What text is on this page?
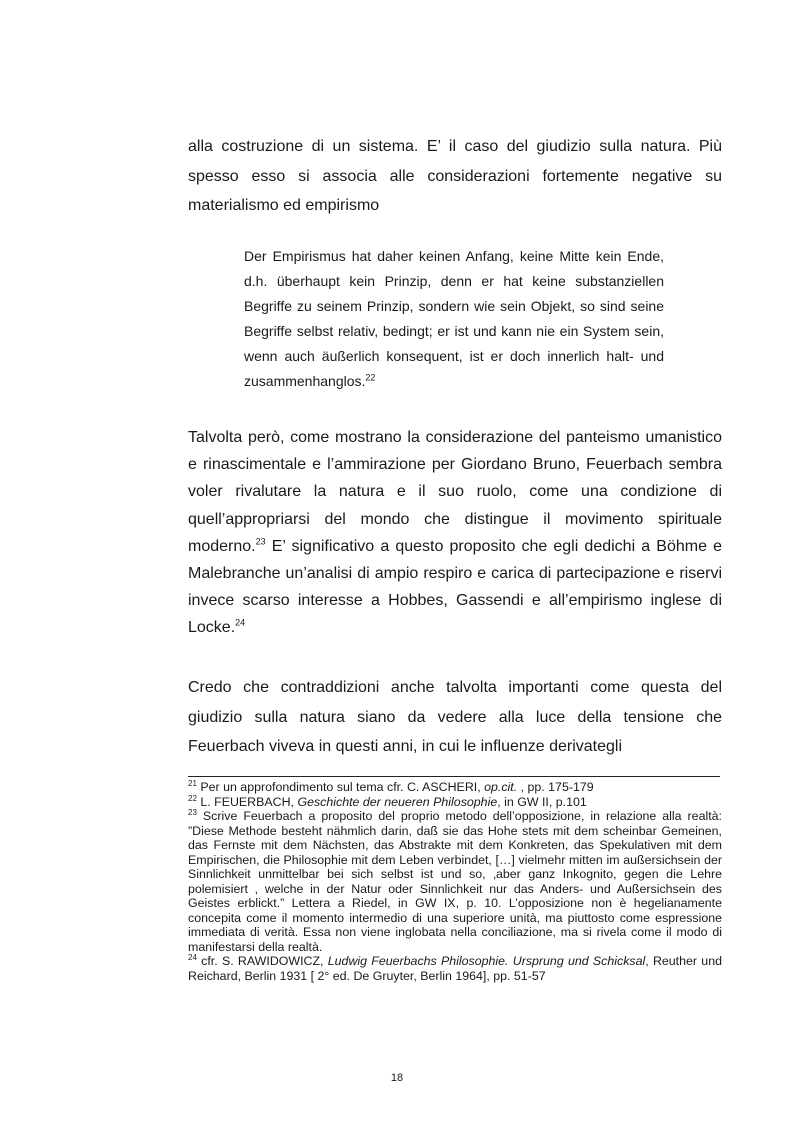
alla costruzione di un sistema. E’ il caso del giudizio sulla natura. Più spesso esso si associa alle considerazioni fortemente negative su materialismo ed empirismo

Der Empirismus hat daher keinen Anfang, keine Mitte kein Ende, d.h. überhaupt kein Prinzip, denn er hat keine substanziellen Begriffe zu seinem Prinzip, sondern wie sein Objekt, so sind seine Begriffe selbst relativ, bedingt; er ist und kann nie ein System sein, wenn auch äußerlich konsequent, ist er doch innerlich halt- und zusammenhanglos.$^{22}$

Talvolta però, come mostrano la considerazione del panteismo umanistico e rinascimentale e l’ammirazione per Giordano Bruno, Feuerbach sembra voler rivalutare la natura e il suo ruolo, come una condizione di quell’appropriarsi del mondo che distingue il movimento spirituale moderno.$^{23}$ E’ significativo a questo proposito che egli dedichi a Böhme e Malebranche un’analisi di ampio respiro e carica di partecipazione e riservi invece scarso interesse a Hobbes, Gassendi e all’empirismo inglese di Locke.$^{24}$

Credo che contraddizioni anche talvolta importanti come questa del giudizio sulla natura siano da vedere alla luce della tensione che Feuerbach viveva in questi anni, in cui le influenze derivategli

$^{21}$ Per un approfondimento sul tema cfr. C. ASCHERI, op.cit. , pp. 175-179

$^{22}$ L. FEUERBACH, Geschichte der neueren Philosophie, in GW II, p.101

$^{23}$ Scrive Feuerbach a proposito del proprio metodo dell’opposizione, in relazione alla realtà: ”Diese Methode besteht nähmlich darin, daß sie das Hohe stets mit dem scheinbar Gemeinen, das Fernste mit dem Nächsten, das Abstrakte mit dem Konkreten, das Spekulativen mit dem Empirischen, die Philosophie mit dem Leben verbindet, […] vielmehr mitten im außersichsein der Sinnlichkeit unmittelbar bei sich selbst ist und so, ‚aber ganz Inkognito, gegen die Lehre polemisiert , welche in der Natur oder Sinnlichkeit nur das Anders- und Außersichsein des Geistes erblickt.” Lettera a Riedel, in GW IX, p. 10. L’opposizione non è hegelianamente concepita come il momento intermedio di una superiore unità, ma piuttosto come espressione immediata di verità. Essa non viene inglobata nella conciliazione, ma si rivela come il modo di manifestarsi della realtà.

$^{24}$ cfr. S. RAWIDOWICZ, Ludwig Feuerbachs Philosophie. Ursprung und Schicksal, Reuther und Reichard, Berlin 1931 [ 2° ed. De Gruyter, Berlin 1964], pp. 51-57

18
